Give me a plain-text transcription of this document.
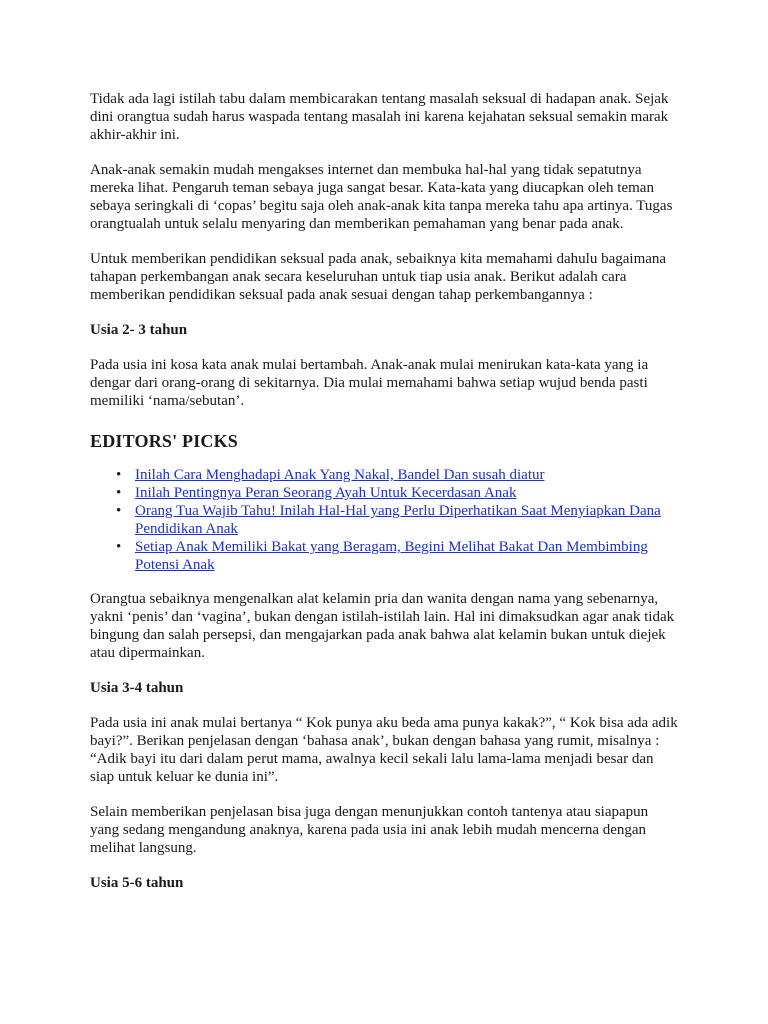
Tidak ada lagi istilah tabu dalam membicarakan tentang masalah seksual di hadapan anak. Sejak dini orangtua sudah harus waspada tentang masalah ini karena kejahatan seksual semakin marak akhir-akhir ini.

Anak-anak semakin mudah mengakses internet dan membuka hal-hal yang tidak sepatutnya mereka lihat. Pengaruh teman sebaya juga sangat besar. Kata-kata yang diucapkan oleh teman sebaya seringkali di ‘copas’ begitu saja oleh anak-anak kita tanpa mereka tahu apa artinya. Tugas orangtualah untuk selalu menyaring dan memberikan pemahaman yang benar pada anak.

Untuk memberikan pendidikan seksual pada anak, sebaiknya kita memahami dahulu bagaimana tahapan perkembangan anak secara keseluruhan untuk tiap usia anak. Berikut adalah cara memberikan pendidikan seksual pada anak sesuai dengan tahap perkembangannya :

Usia 2- 3 tahun

Pada usia ini kosa kata anak mulai bertambah. Anak-anak mulai menirukan kata-kata yang ia dengar dari orang-orang di sekitarnya. Dia mulai memahami bahwa setiap wujud benda pasti memiliki ‘nama/sebutan’.

EDITORS' PICKS
• Inilah Cara Menghadapi Anak Yang Nakal, Bandel Dan susah diatur
• Inilah Pentingnya Peran Seorang Ayah Untuk Kecerdasan Anak
• Orang Tua Wajib Tahu! Inilah Hal-Hal yang Perlu Diperhatikan Saat Menyiapkan Dana Pendidikan Anak
• Setiap Anak Memiliki Bakat yang Beragam, Begini Melihat Bakat Dan Membimbing Potensi Anak

Orangtua sebaiknya mengenalkan alat kelamin pria dan wanita dengan nama yang sebenarnya, yakni ‘penis’ dan ‘vagina’, bukan dengan istilah-istilah lain. Hal ini dimaksudkan agar anak tidak bingung dan salah persepsi, dan mengajarkan pada anak bahwa alat kelamin bukan untuk diejek atau dipermainkan.

Usia 3-4 tahun

Pada usia ini anak mulai bertanya “ Kok punya aku beda ama punya kakak?”, “ Kok bisa ada adik bayi?”. Berikan penjelasan dengan ‘bahasa anak’, bukan dengan bahasa yang rumit, misalnya : “Adik bayi itu dari dalam perut mama, awalnya kecil sekali lalu lama-lama menjadi besar dan siap untuk keluar ke dunia ini”.

Selain memberikan penjelasan bisa juga dengan menunjukkan contoh tantenya atau siapapun yang sedang mengandung anaknya, karena pada usia ini anak lebih mudah mencerna dengan melihat langsung.

Usia 5-6 tahun
